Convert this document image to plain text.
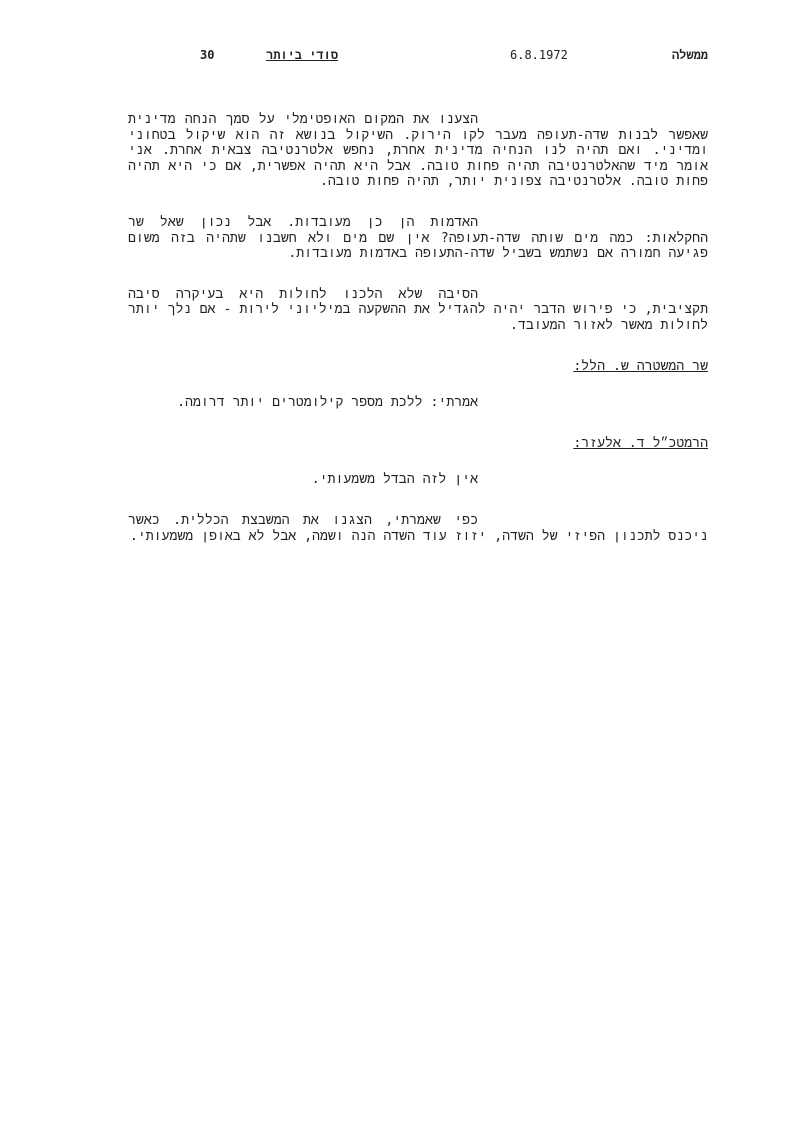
30	סודי ביותר	6.8.1972	ממשלה

הצענו את המקום האופטימלי על סמך הנחה מדינית שאפשר לבנות שדה-תעופה מעבר לקו הירוק. השיקול בנושא זה הוא שיקול בטחוני ומדיני. ואם תהיה לנו הנחיה מדינית אחרת, נחפש אלטרנטיבה צבאית אחרת. אני אומר מיד שהאלטרנטיבה תהיה פחות טובה. אבל היא תהיה אפשרית, אם כי היא תהיה פחות טובה. אלטרנטיבה צפונית יותר, תהיה פחות טובה.

האדמות הן כן מעובדות. אבל נכון שאל שר החקלאות: כמה מים שותה שדה-תעופה? אין שם מים ולא חשבנו שתהיה בזה משום פגיעה חמורה אם נשתמש בשביל שדה-התעופה באדמות מעובדות.

הסיבה שלא הלכנו לחולות היא בעיקרה סיבה תקציבית, כי פירוש הדבר יהיה להגדיל את ההשקעה במיליוני לירות - אם נלך יותר לחולות מאשר לאזור המעובד.

שר המשטרה ש. הלל:

אמרתי: ללכת מספר קילומטרים יותר דרומה.

הרמטכ״ל ד. אלעזר:

אין לזה הבדל משמעותי.

כפי שאמרתי, הצגנו את המשבצת הכללית. כאשר ניכנס לתכנון הפיזי של השדה, יזוז עוד השדה הנה ושמה, אבל לא באופן משמעותי.
